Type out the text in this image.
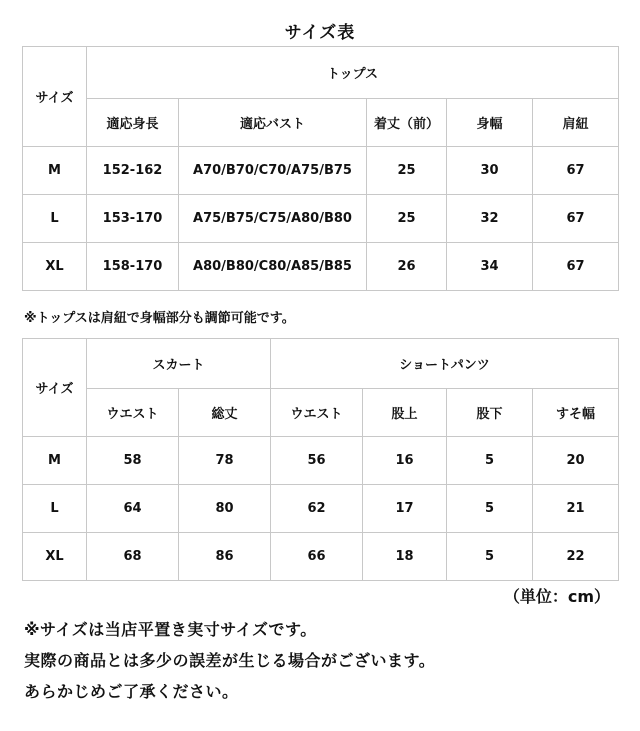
サイズ表
サイズ	トップス				
	適応身長	適応バスト	着丈（前）	身幅	肩紐
M	152-162	A70/B70/C70/A75/B75	25	30	67
L	153-170	A75/B75/C75/A80/B80	25	32	67
XL	158-170	A80/B80/C80/A85/B85	26	34	67
※トップスは肩紐で身幅部分も調節可能です。
サイズ	スカート		ショートパンツ			
	ウエスト	総丈	ウエスト	股上	股下	すそ幅
M	58	78	56	16	5	20
L	64	80	62	17	5	21
XL	68	86	66	18	5	22
（単位：cm）
※サイズは当店平置き実寸サイズです。
実際の商品とは多少の誤差が生じる場合がございます。
あらかじめご了承ください。
